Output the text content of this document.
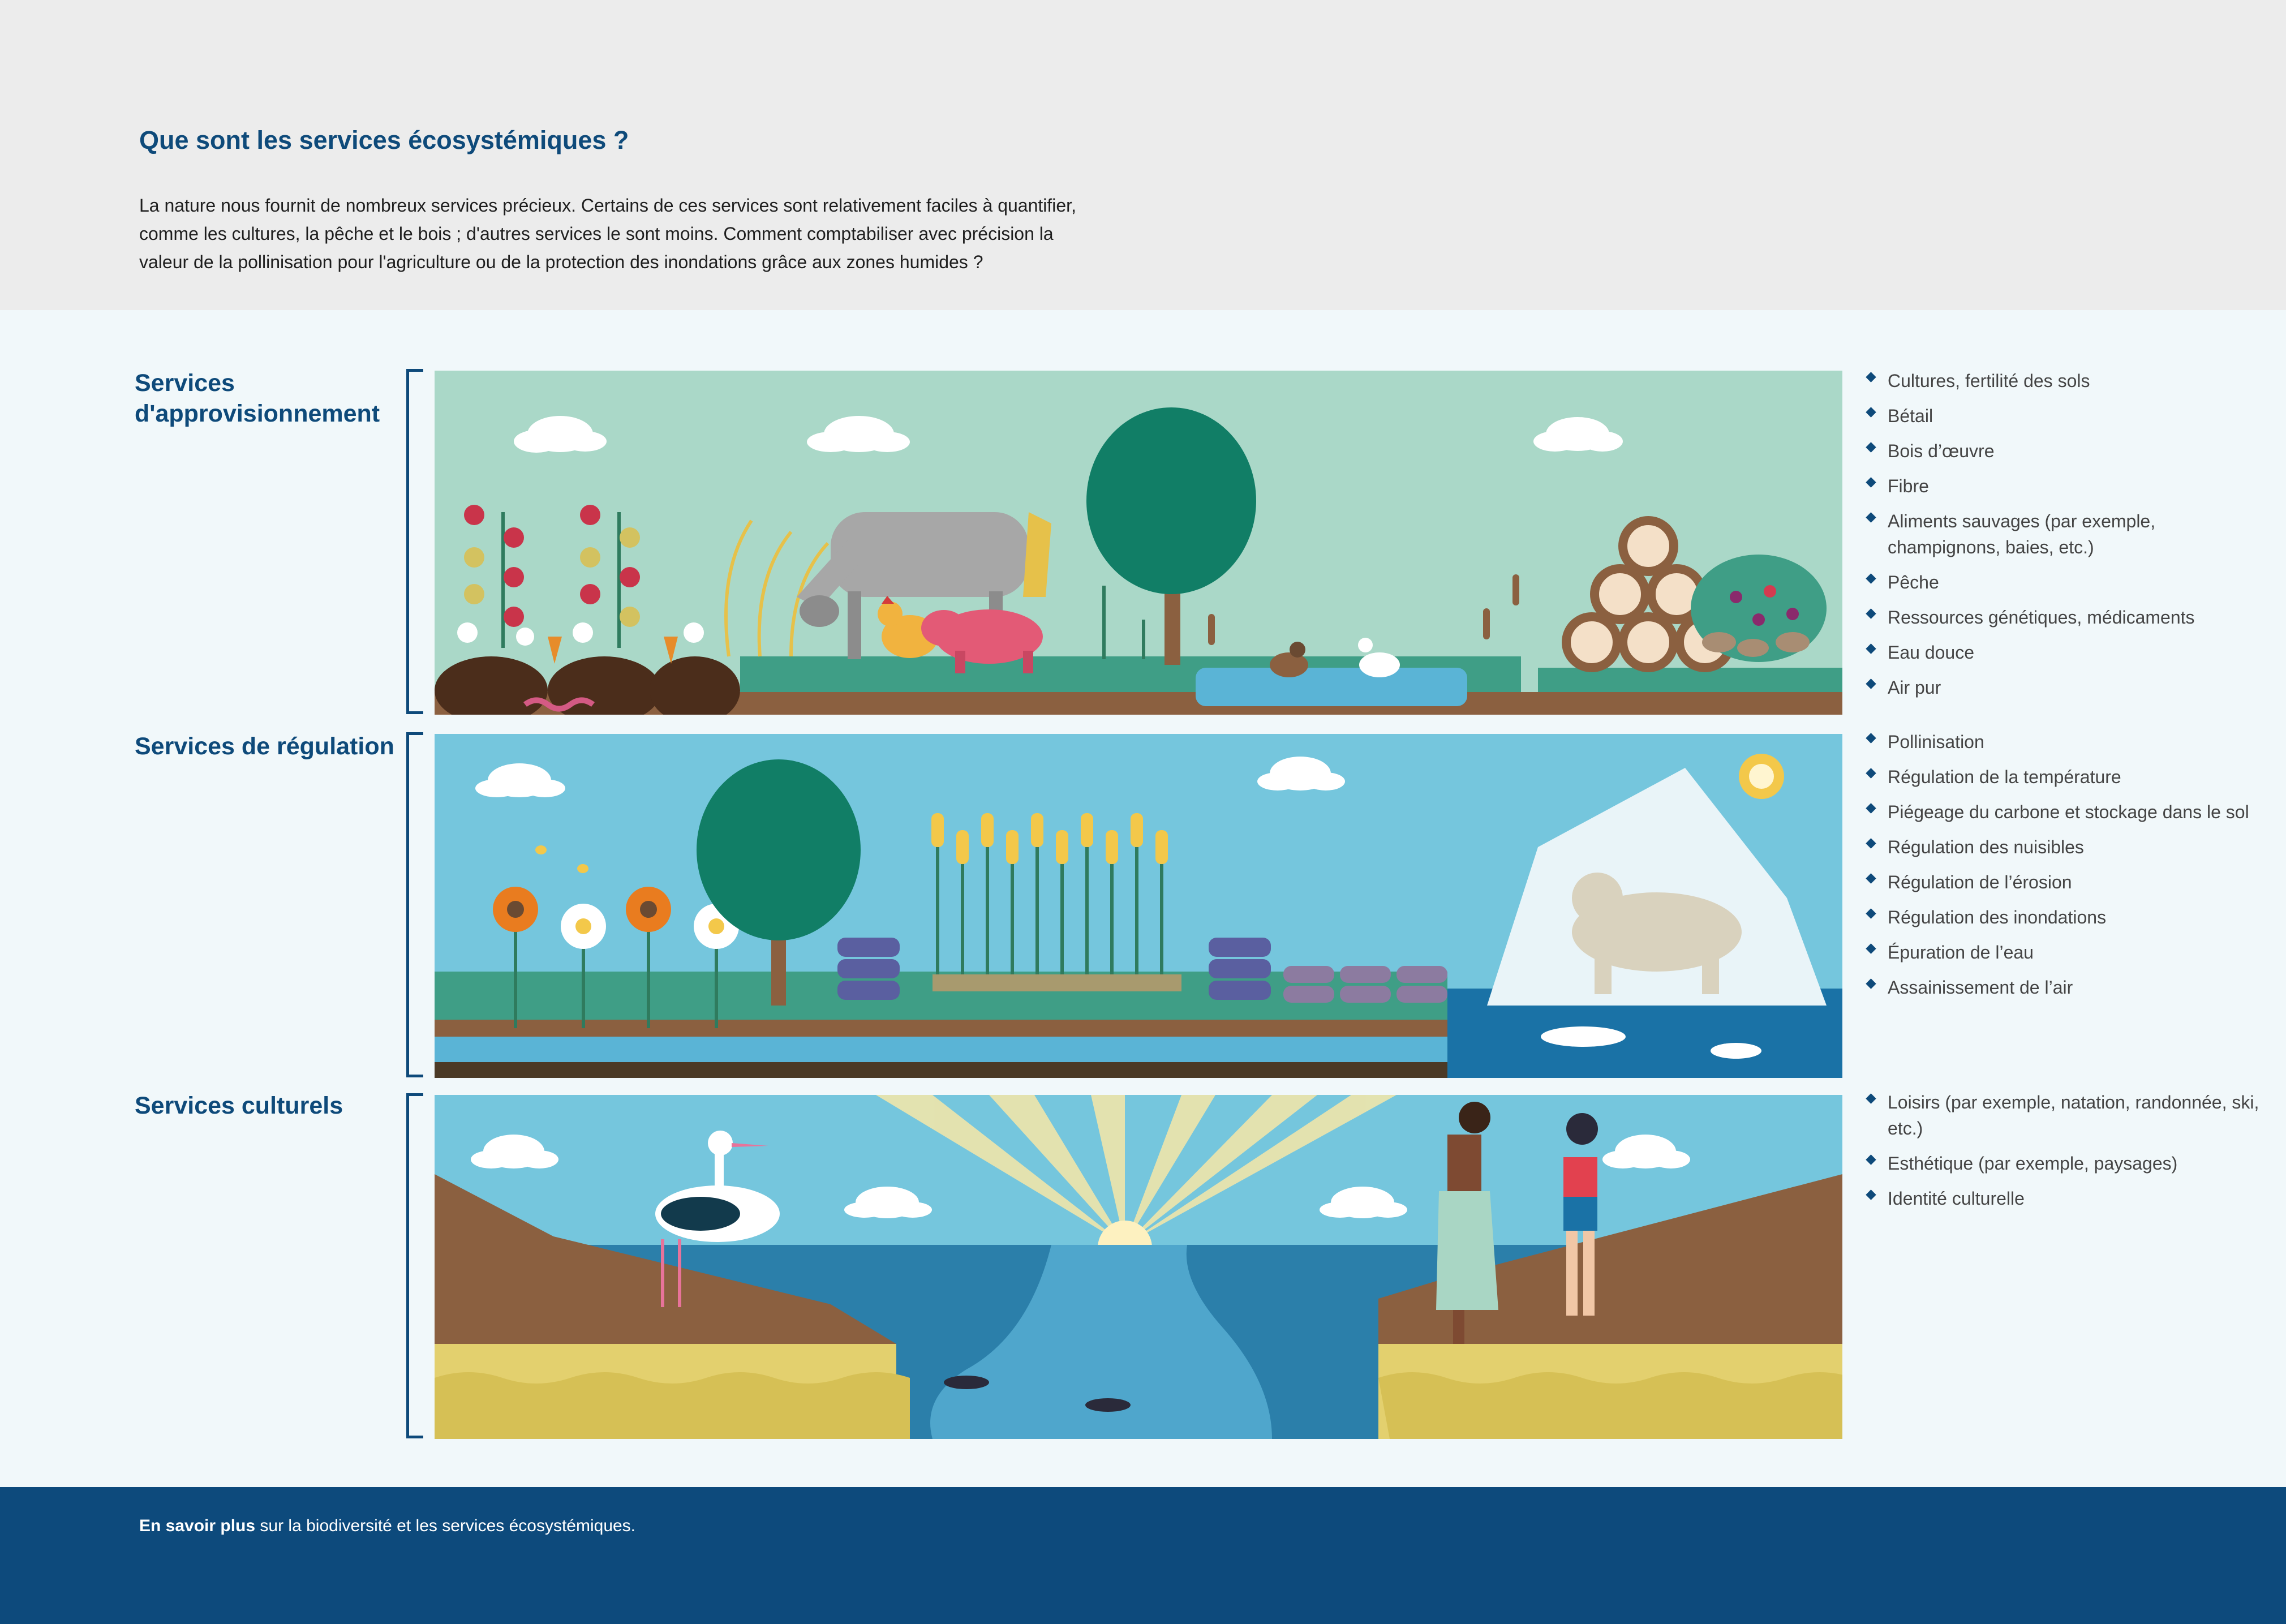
Que sont les services écosystémiques ?

La nature nous fournit de nombreux services précieux. Certains de ces services sont relativement faciles à quantifier, comme les cultures, la pêche et le bois ; d'autres services le sont moins. Comment comptabiliser avec précision la valeur de la pollinisation pour l'agriculture ou de la protection des inondations grâce aux zones humides ?

Services d'approvisionnement
Cultures, fertilité des sols
Bétail
Bois d’œuvre
Fibre
Aliments sauvages (par exemple, champignons, baies, etc.)
Pêche
Ressources génétiques, médicaments
Eau douce
Air pur
Services de régulation	Pollinisation
Régulation de la température
Piégeage du carbone et stockage dans le sol
Régulation des nuisibles
Régulation de l’érosion
Régulation des inondations
Épuration de l’eau
Assainissement de l’air
Services culturels	Loisirs (par exemple, natation, randonnée, ski, etc.)
Esthétique (par exemple, paysages)
Identité culturelle

En savoir plus sur la biodiversité et les services écosystémiques.
